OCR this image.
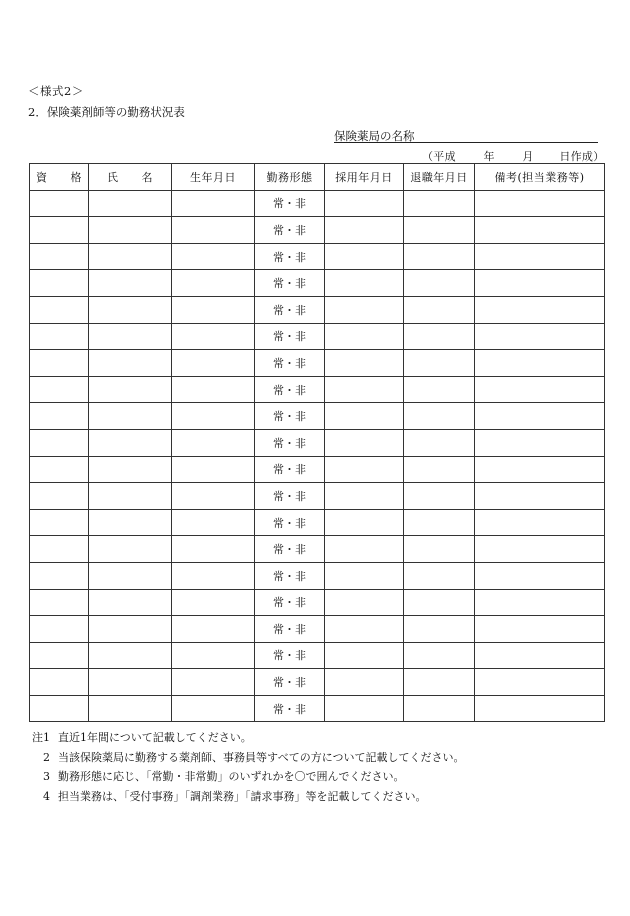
＜様式2＞
2．保険薬剤師等の勤務状況表
保険薬局の名称
（平成	年	月 日作成）
資　　格	氏　　名	生年月日	勤務形態	採用年月日	退職年月日	備考(担当業務等)
			常・非			
			常・非			
			常・非			
			常・非			
			常・非			
			常・非			
			常・非			
			常・非			
			常・非			
			常・非			
			常・非			
			常・非			
			常・非			
			常・非			
			常・非			
			常・非			
			常・非			
			常・非			
			常・非			
			常・非			
注1 直近1年間について記載してください。
2 当該保険薬局に勤務する薬剤師、事務員等すべての方について記載してください。
3 勤務形態に応じ、「常勤・非常勤」のいずれかを〇で囲んでください。
4 担当業務は、「受付事務」「調剤業務」「請求事務」等を記載してください。
